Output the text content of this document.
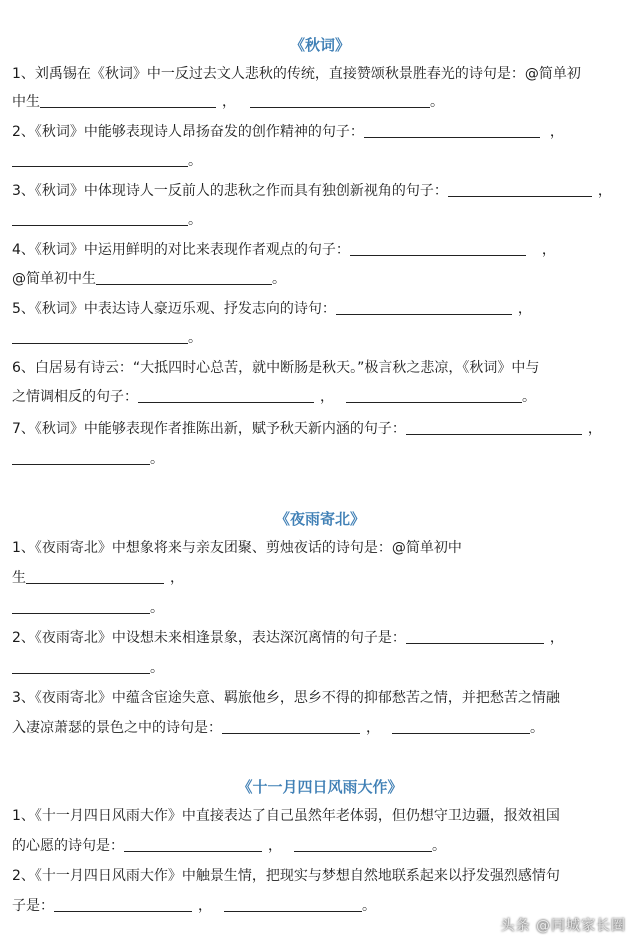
《秋词》
1、刘禹锡在《秋词》中一反过去文人悲秋的传统，直接赞颂秋景胜春光的诗句是：@简单初
中生	，	。
2、《秋词》中能够表现诗人昂扬奋发的创作精神的句子：	，
。
3、《秋词》中体现诗人一反前人的悲秋之作而具有独创新视角的句子：	，
。
4、《秋词》中运用鲜明的对比来表现作者观点的句子：	，
@简单初中生	。
5、《秋词》中表达诗人豪迈乐观、抒发志向的诗句：	，
。
6、白居易有诗云：“大抵四时心总苦，就中断肠是秋天。”极言秋之悲凉，《秋词》中与
之情调相反的句子：	，	。
7、《秋词》中能够表现作者推陈出新，赋予秋天新内涵的句子：	，
。
《夜雨寄北》
1、《夜雨寄北》中想象将来与亲友团聚、剪烛夜话的诗句是：@简单初中
生	，
。
2、《夜雨寄北》中设想未来相逢景象，表达深沉离情的句子是：	，
。
3、《夜雨寄北》中蕴含宦途失意、羁旅他乡，思乡不得的抑郁愁苦之情，并把愁苦之情融
入凄凉萧瑟的景色之中的诗句是：	，	。
《十一月四日风雨大作》
1、《十一月四日风雨大作》中直接表达了自己虽然年老体弱，但仍想守卫边疆，报效祖国
的心愿的诗句是：	，	。
2、《十一月四日风雨大作》中触景生情，把现实与梦想自然地联系起来以抒发强烈感情句
子是：	，	。
头条 @同城家长圈
